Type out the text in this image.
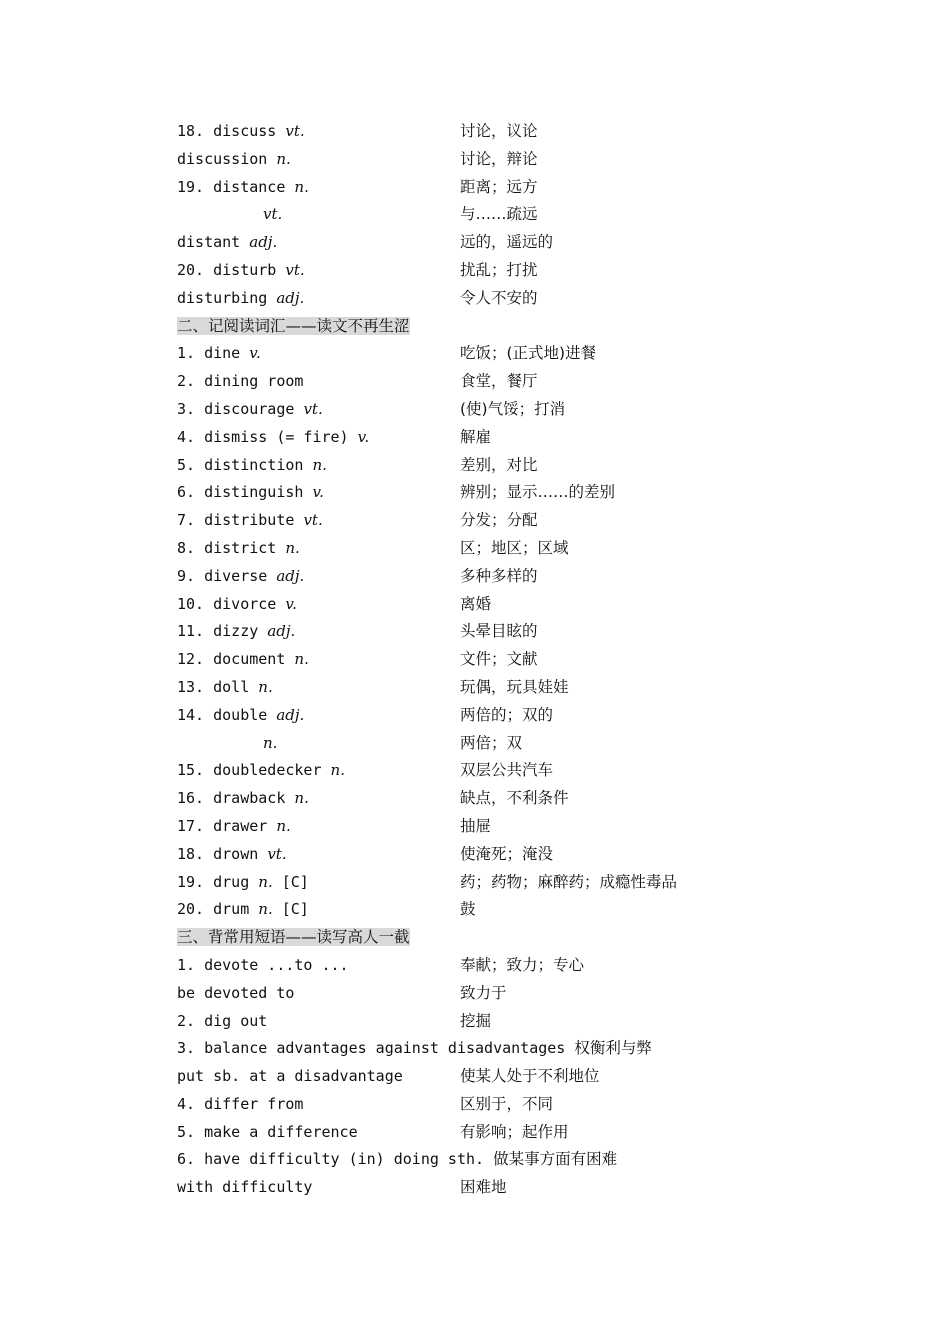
18. discuss vt.	讨论，议论
discussion n.	讨论，辩论
19. distance n.	距离；远方
vt.	与……疏远
distant adj.	远的，遥远的
20. disturb vt.	扰乱；打扰
disturbing adj.	令人不安的
二、记阅读词汇——读文不再生涩
1. dine v.	吃饭；(正式地)进餐
2. dining room	食堂，餐厅
3. discourage vt.	(使)气馁；打消
4. dismiss (= fire) v.	解雇
5. distinction n.	差别，对比
6. distinguish v.	辨别；显示……的差别
7. distribute vt.	分发；分配
8. district n.	区；地区；区域
9. diverse adj.	多种多样的
10. divorce v.	离婚
11. dizzy adj.	头晕目眩的
12. document n.	文件；文献
13. doll n.	玩偶，玩具娃娃
14. double adj.	两倍的；双的
n.	两倍；双
15. doubledecker n.	双层公共汽车
16. drawback n.	缺点，不利条件
17. drawer n.	抽屉
18. drown vt.	使淹死；淹没
19. drug n. [C]	药；药物；麻醉药；成瘾性毒品
20. drum n. [C]	鼓
三、背常用短语——读写高人一截
1. devote ...to ...	奉献；致力；专心
be devoted to	致力于
2. dig out	挖掘
3. balance advantages against disadvantages 权衡利与弊
put sb. at a disadvantage	使某人处于不利地位
4. differ from	区别于，不同
5. make a difference	有影响；起作用
6. have difficulty (in) doing sth. 做某事方面有困难
with difficulty	困难地
